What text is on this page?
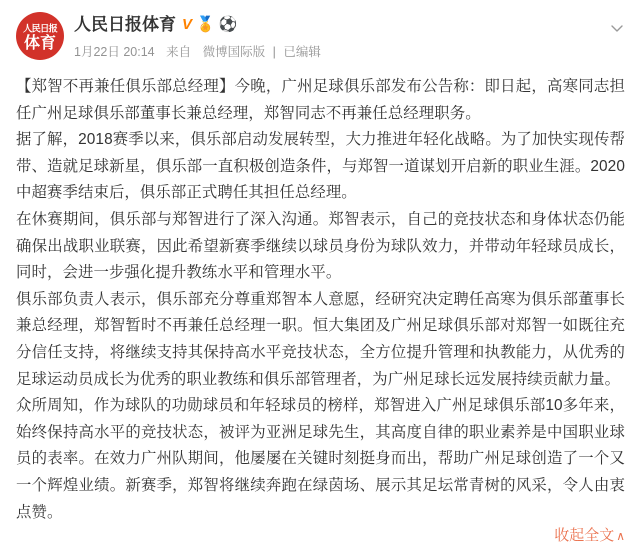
人民日报
体育
人民日报体育 V 🏅 ⚽
1月22日 20:14 来自 微博国际版 | 已编辑

【郑智不再兼任俱乐部总经理】今晚，广州足球俱乐部发布公告称：即日起，高寒同志担任广州足球俱乐部董事长兼总经理，郑智同志不再兼任总经理职务。

据了解，2018赛季以来，俱乐部启动发展转型，大力推进年轻化战略。为了加快实现传帮带、造就足球新星，俱乐部一直积极创造条件，与郑智一道谋划开启新的职业生涯。2020中超赛季结束后，俱乐部正式聘任其担任总经理。

在休赛期间，俱乐部与郑智进行了深入沟通。郑智表示，自己的竞技状态和身体状态仍能确保出战职业联赛，因此希望新赛季继续以球员身份为球队效力，并带动年轻球员成长，同时，会进一步强化提升教练水平和管理水平。

俱乐部负责人表示，俱乐部充分尊重郑智本人意愿，经研究决定聘任高寒为俱乐部董事长兼总经理，郑智暂时不再兼任总经理一职。恒大集团及广州足球俱乐部对郑智一如既往充分信任支持，将继续支持其保持高水平竞技状态，全方位提升管理和执教能力，从优秀的足球运动员成长为优秀的职业教练和俱乐部管理者，为广州足球长远发展持续贡献力量。

众所周知，作为球队的功勋球员和年轻球员的榜样，郑智进入广州足球俱乐部10多年来，始终保持高水平的竞技状态，被评为亚洲足球先生，其高度自律的职业素养是中国职业球员的表率。在效力广州队期间，他屡屡在关键时刻挺身而出，帮助广州足球创造了一个又一个辉煌业绩。新赛季，郑智将继续奔跑在绿茵场、展示其足坛常青树的风采，令人由衷点赞。

收起全文 ∧
